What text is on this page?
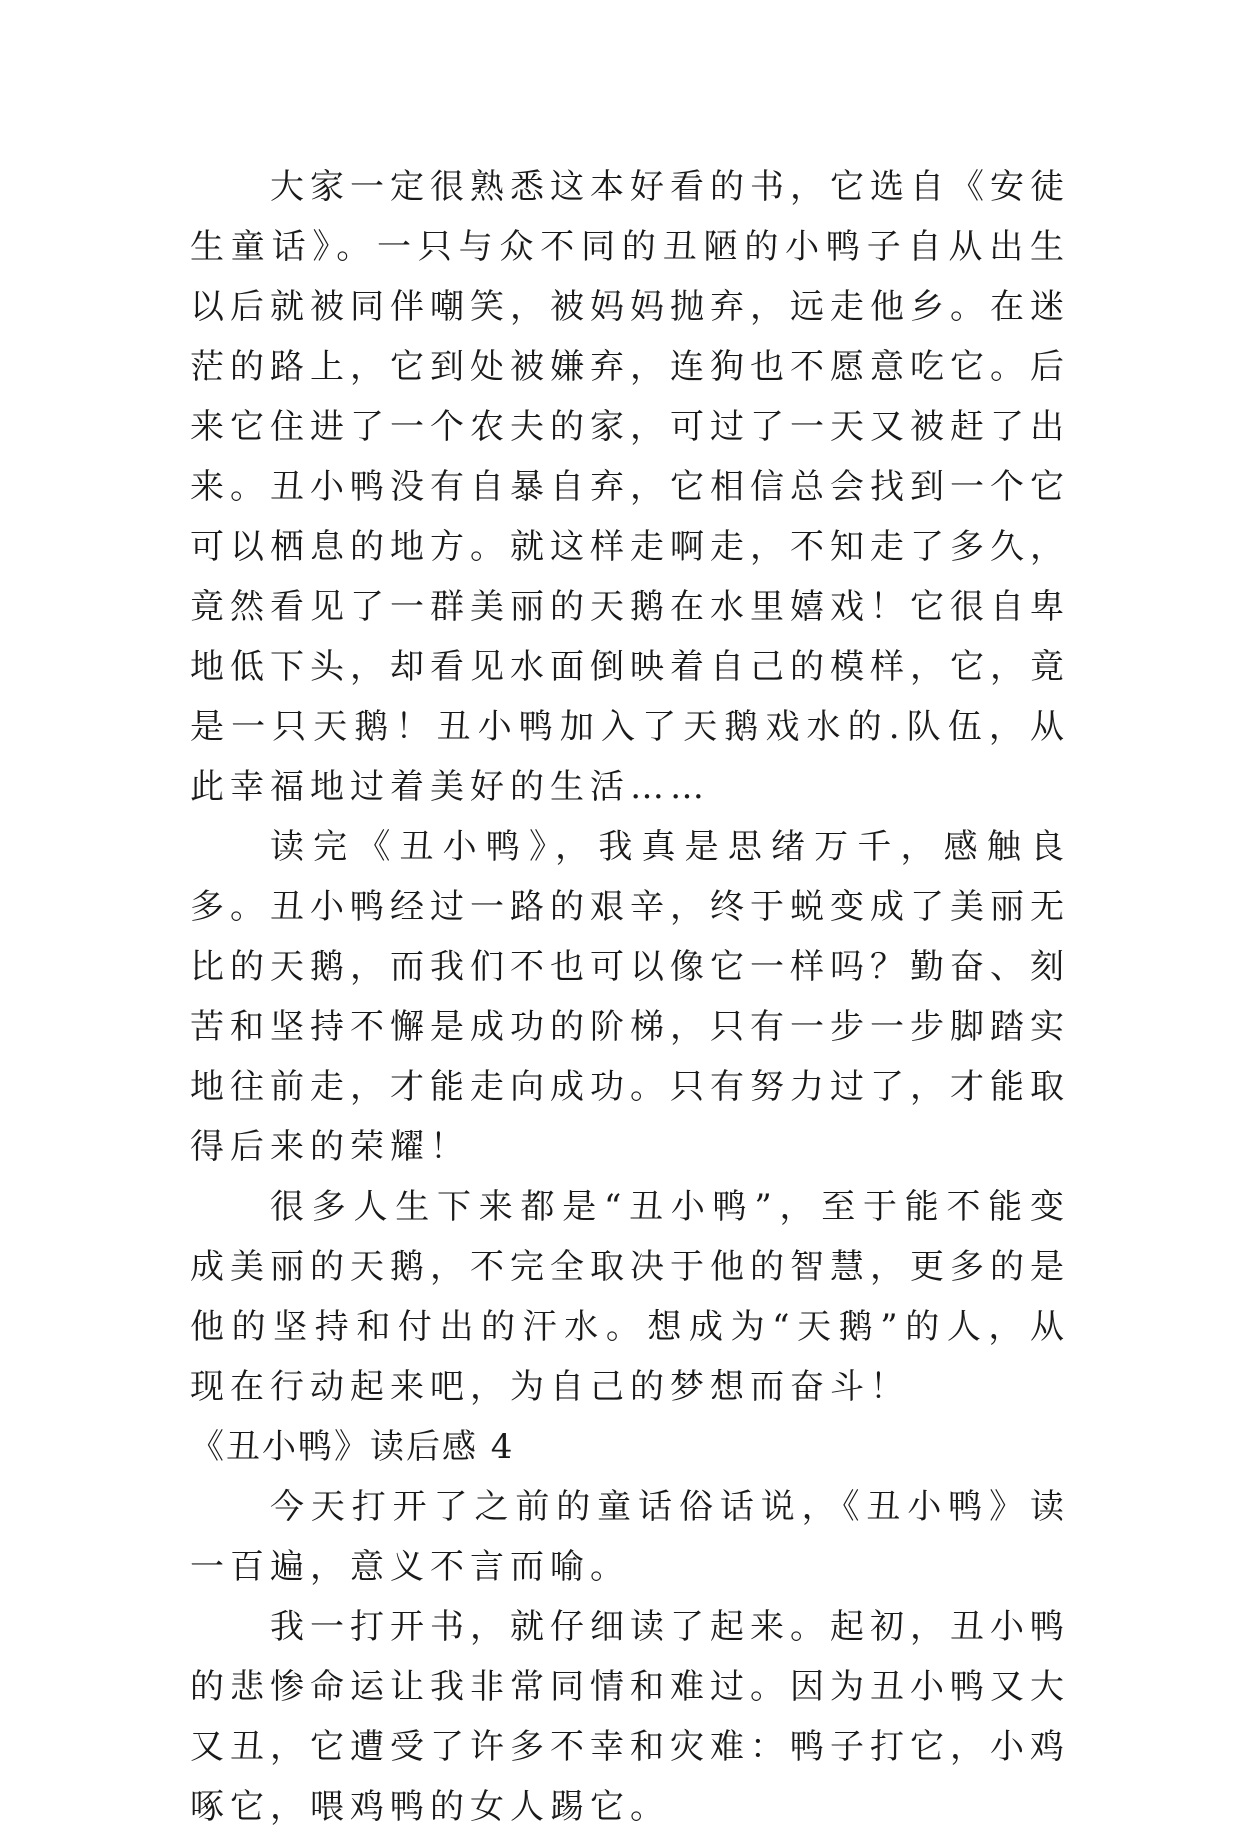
大家一定很熟悉这本好看的书，它选自《安徒生童话》。一只与众不同的丑陋的小鸭子自从出生以后就被同伴嘲笑，被妈妈抛弃，远走他乡。在迷茫的路上，它到处被嫌弃，连狗也不愿意吃它。后来它住进了一个农夫的家，可过了一天又被赶了出来。丑小鸭没有自暴自弃，它相信总会找到一个它可以栖息的地方。就这样走啊走，不知走了多久，竟然看见了一群美丽的天鹅在水里嬉戏！它很自卑地低下头，却看见水面倒映着自己的模样，它，竟是一只天鹅！丑小鸭加入了天鹅戏水的.队伍，从此幸福地过着美好的生活……

读完《丑小鸭》，我真是思绪万千，感触良多。丑小鸭经过一路的艰辛，终于蜕变成了美丽无比的天鹅，而我们不也可以像它一样吗？勤奋、刻苦和坚持不懈是成功的阶梯，只有一步一步脚踏实地往前走，才能走向成功。只有努力过了，才能取得后来的荣耀！

很多人生下来都是“丑小鸭”，至于能不能变成美丽的天鹅，不完全取决于他的智慧，更多的是他的坚持和付出的汗水。想成为“天鹅”的人，从现在行动起来吧，为自己的梦想而奋斗！

《丑小鸭》读后感 4

今天打开了之前的童话俗话说，《丑小鸭》读一百遍，意义不言而喻。

我一打开书，就仔细读了起来。起初，丑小鸭的悲惨命运让我非常同情和难过。因为丑小鸭又大又丑，它遭受了许多不幸和灾难：鸭子打它，小鸡啄它，喂鸡鸭的女人踢它。
